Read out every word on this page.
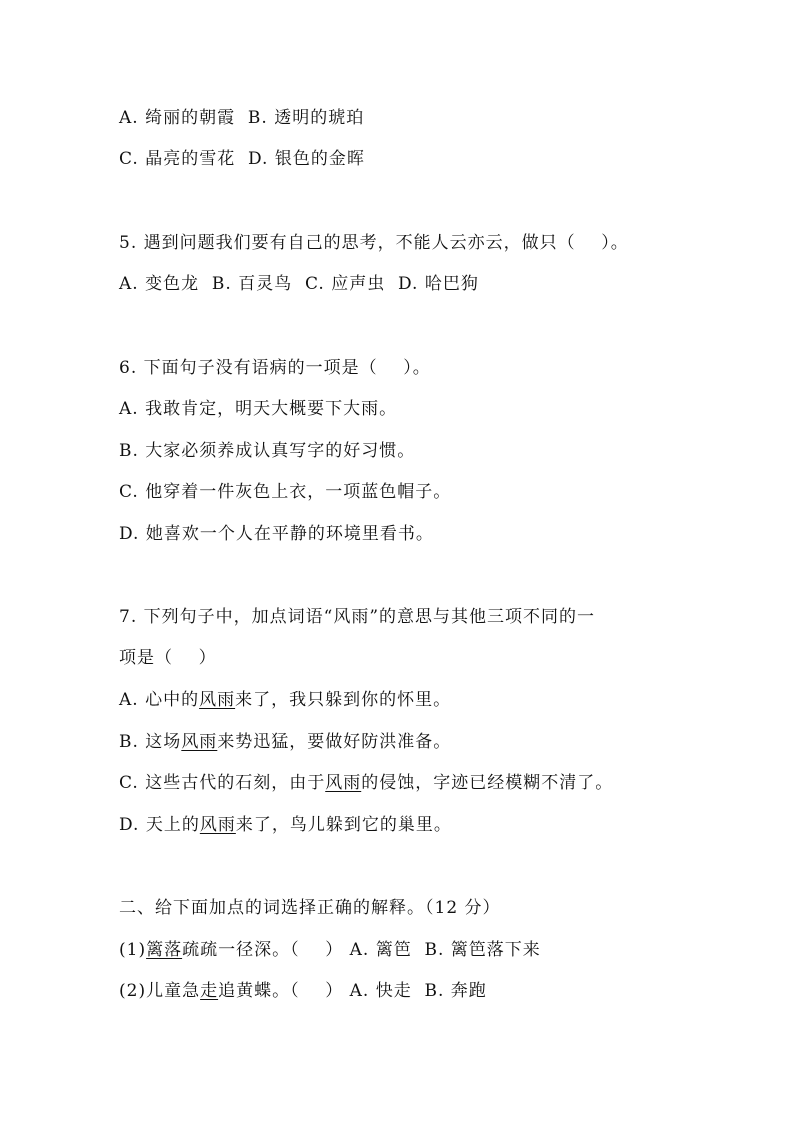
A. 绮丽的朝霞  B. 透明的琥珀
C. 晶亮的雪花  D. 银色的金晖
5. 遇到问题我们要有自己的思考，不能人云亦云，做只（    ）。
A. 变色龙  B. 百灵鸟  C. 应声虫  D. 哈巴狗
6. 下面句子没有语病的一项是（    ）。
A. 我敢肯定，明天大概要下大雨。
B. 大家必须养成认真写字的好习惯。
C. 他穿着一件灰色上衣，一项蓝色帽子。
D. 她喜欢一个人在平静的环境里看书。
7. 下列句子中，加点词语“风雨”的意思与其他三项不同的一
项是（    ）
A. 心中的风雨来了，我只躲到你的怀里。
B. 这场风雨来势迅猛，要做好防洪准备。
C. 这些古代的石刻，由于风雨的侵蚀，字迹已经模糊不清了。
D. 天上的风雨来了，鸟儿躲到它的巢里。
二、给下面加点的词选择正确的解释。（12 分）
(1)篱落疏疏一径深。（    ） A. 篱笆  B. 篱笆落下来
(2)儿童急走追黄蝶。（    ） A. 快走  B. 奔跑
